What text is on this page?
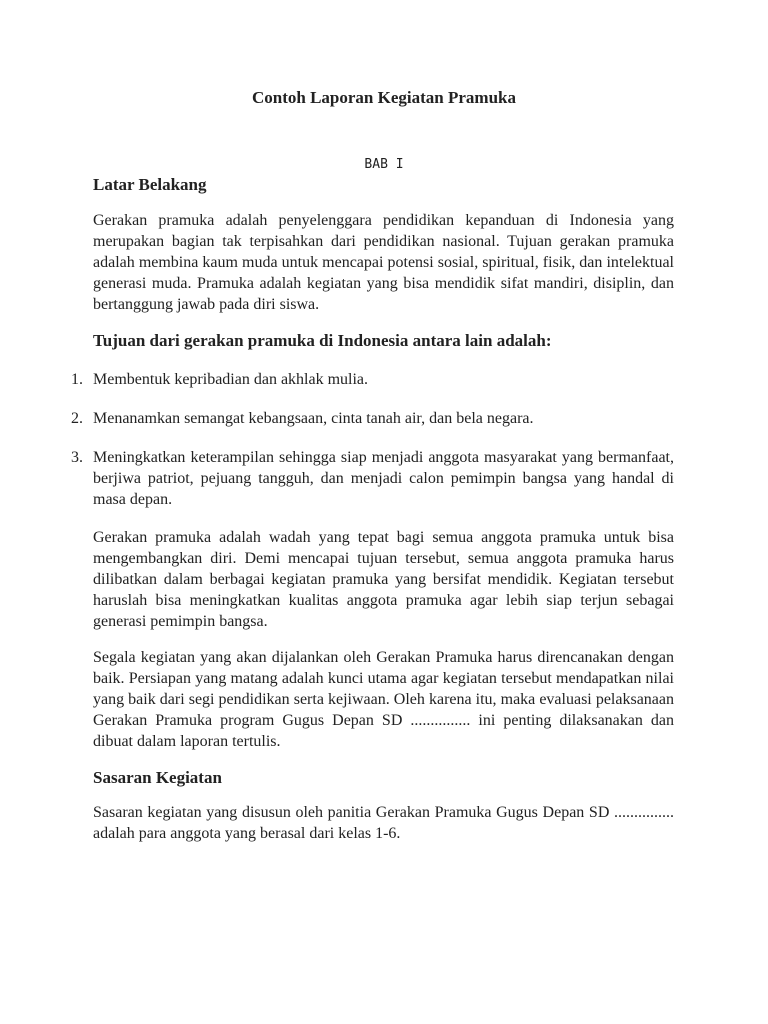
Contoh Laporan Kegiatan Pramuka
BAB I
Latar Belakang

Gerakan pramuka adalah penyelenggara pendidikan kepanduan di Indonesia yang merupakan bagian tak terpisahkan dari pendidikan nasional. Tujuan gerakan pramuka adalah membina kaum muda untuk mencapai potensi sosial, spiritual, fisik, dan intelektual generasi muda. Pramuka adalah kegiatan yang bisa mendidik sifat mandiri, disiplin, dan bertanggung jawab pada diri siswa.

Tujuan dari gerakan pramuka di Indonesia antara lain adalah:
1. Membentuk kepribadian dan akhlak mulia.
2. Menanamkan semangat kebangsaan, cinta tanah air, dan bela negara.
3. Meningkatkan keterampilan sehingga siap menjadi anggota masyarakat yang bermanfaat, berjiwa patriot, pejuang tangguh, dan menjadi calon pemimpin bangsa yang handal di masa depan.

Gerakan pramuka adalah wadah yang tepat bagi semua anggota pramuka untuk bisa mengembangkan diri. Demi mencapai tujuan tersebut, semua anggota pramuka harus dilibatkan dalam berbagai kegiatan pramuka yang bersifat mendidik. Kegiatan tersebut haruslah bisa meningkatkan kualitas anggota pramuka agar lebih siap terjun sebagai generasi pemimpin bangsa.

Segala kegiatan yang akan dijalankan oleh Gerakan Pramuka harus direncanakan dengan baik. Persiapan yang matang adalah kunci utama agar kegiatan tersebut mendapatkan nilai yang baik dari segi pendidikan serta kejiwaan. Oleh karena itu, maka evaluasi pelaksanaan Gerakan Pramuka program Gugus Depan SD ............... ini penting dilaksanakan dan dibuat dalam laporan tertulis.

Sasaran Kegiatan

Sasaran kegiatan yang disusun oleh panitia Gerakan Pramuka Gugus Depan SD ............... adalah para anggota yang berasal dari kelas 1-6.
